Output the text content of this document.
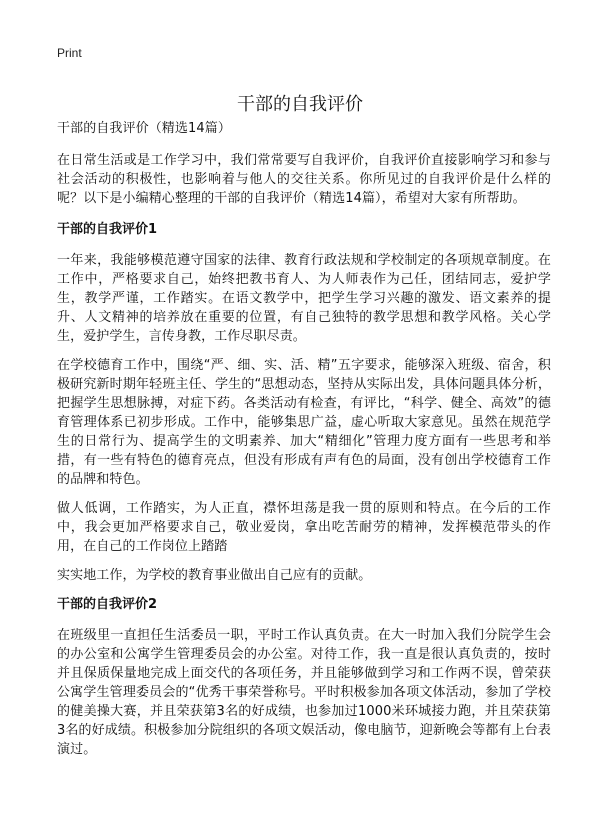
Print
干部的自我评价

干部的自我评价（精选14篇）

在日常生活或是工作学习中，我们常常要写自我评价，自我评价直接影响学习和参与社会活动的积极性，也影响着与他人的交往关系。你所见过的自我评价是什么样的呢？以下是小编精心整理的干部的自我评价（精选14篇），希望对大家有所帮助。

干部的自我评价1

一年来，我能够模范遵守国家的法律、教育行政法规和学校制定的各项规章制度。在工作中，严格要求自己，始终把教书育人、为人师表作为己任，团结同志，爱护学生，教学严谨，工作踏实。在语文教学中，把学生学习兴趣的激发、语文素养的提升、人文精神的培养放在重要的位置，有自己独特的教学思想和教学风格。关心学生，爱护学生，言传身教，工作尽职尽责。

在学校德育工作中，围绕“严、细、实、活、精”五字要求，能够深入班级、宿舍，积极研究新时期年轻班主任、学生的“思想动态，坚持从实际出发，具体问题具体分析，把握学生思想脉搏，对症下药。各类活动有检查，有评比，“科学、健全、高效”的德育管理体系已初步形成。工作中，能够集思广益，虚心听取大家意见。虽然在规范学生的日常行为、提高学生的文明素养、加大“精细化”管理力度方面有一些思考和举措，有一些有特色的德育亮点，但没有形成有声有色的局面，没有创出学校德育工作的品牌和特色。

做人低调，工作踏实，为人正直，襟怀坦荡是我一贯的原则和特点。在今后的工作中，我会更加严格要求自己，敬业爱岗，拿出吃苦耐劳的精神，发挥模范带头的作用，在自己的工作岗位上踏踏

实实地工作，为学校的教育事业做出自己应有的贡献。

干部的自我评价2

在班级里一直担任生活委员一职，平时工作认真负责。在大一时加入我们分院学生会的办公室和公寓学生管理委员会的办公室。对待工作，我一直是很认真负责的，按时并且保质保量地完成上面交代的各项任务，并且能够做到学习和工作两不误，曾荣获公寓学生管理委员会的“优秀干事荣誉称号。平时积极参加各项文体活动，参加了学校的健美操大赛，并且荣获第3名的好成绩，也参加过1000米环城接力跑，并且荣获第3名的好成绩。积极参加分院组织的各项文娱活动，像电脑节，迎新晚会等都有上台表演过。
